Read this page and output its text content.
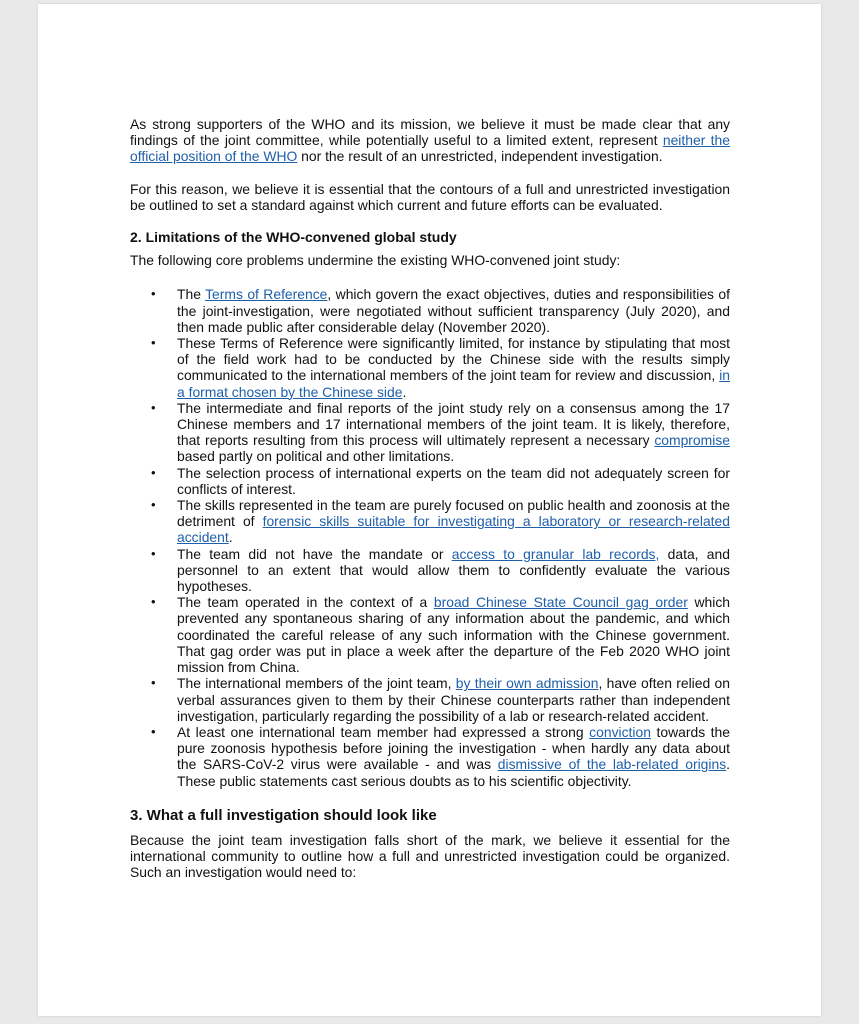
As strong supporters of the WHO and its mission, we believe it must be made clear that any findings of the joint committee, while potentially useful to a limited extent, represent neither the official position of the WHO nor the result of an unrestricted, independent investigation.

For this reason, we believe it is essential that the contours of a full and unrestricted investigation be outlined to set a standard against which current and future efforts can be evaluated.

2. Limitations of the WHO-convened global study

The following core problems undermine the existing WHO-convened joint study:

• The Terms of Reference, which govern the exact objectives, duties and responsibilities of the joint-investigation, were negotiated without sufficient transparency (July 2020), and then made public after considerable delay (November 2020).
• These Terms of Reference were significantly limited, for instance by stipulating that most of the field work had to be conducted by the Chinese side with the results simply communicated to the international members of the joint team for review and discussion, in a format chosen by the Chinese side.
• The intermediate and final reports of the joint study rely on a consensus among the 17 Chinese members and 17 international members of the joint team. It is likely, therefore, that reports resulting from this process will ultimately represent a necessary compromise based partly on political and other limitations.
• The selection process of international experts on the team did not adequately screen for conflicts of interest.
• The skills represented in the team are purely focused on public health and zoonosis at the detriment of forensic skills suitable for investigating a laboratory or research-related accident.
• The team did not have the mandate or access to granular lab records, data, and personnel to an extent that would allow them to confidently evaluate the various hypotheses.
• The team operated in the context of a broad Chinese State Council gag order which prevented any spontaneous sharing of any information about the pandemic, and which coordinated the careful release of any such information with the Chinese government. That gag order was put in place a week after the departure of the Feb 2020 WHO joint mission from China.
• The international members of the joint team, by their own admission, have often relied on verbal assurances given to them by their Chinese counterparts rather than independent investigation, particularly regarding the possibility of a lab or research-related accident.
• At least one international team member had expressed a strong conviction towards the pure zoonosis hypothesis before joining the investigation - when hardly any data about the SARS-CoV-2 virus were available - and was dismissive of the lab-related origins. These public statements cast serious doubts as to his scientific objectivity.
3. What a full investigation should look like

Because the joint team investigation falls short of the mark, we believe it essential for the international community to outline how a full and unrestricted investigation could be organized. Such an investigation would need to:
